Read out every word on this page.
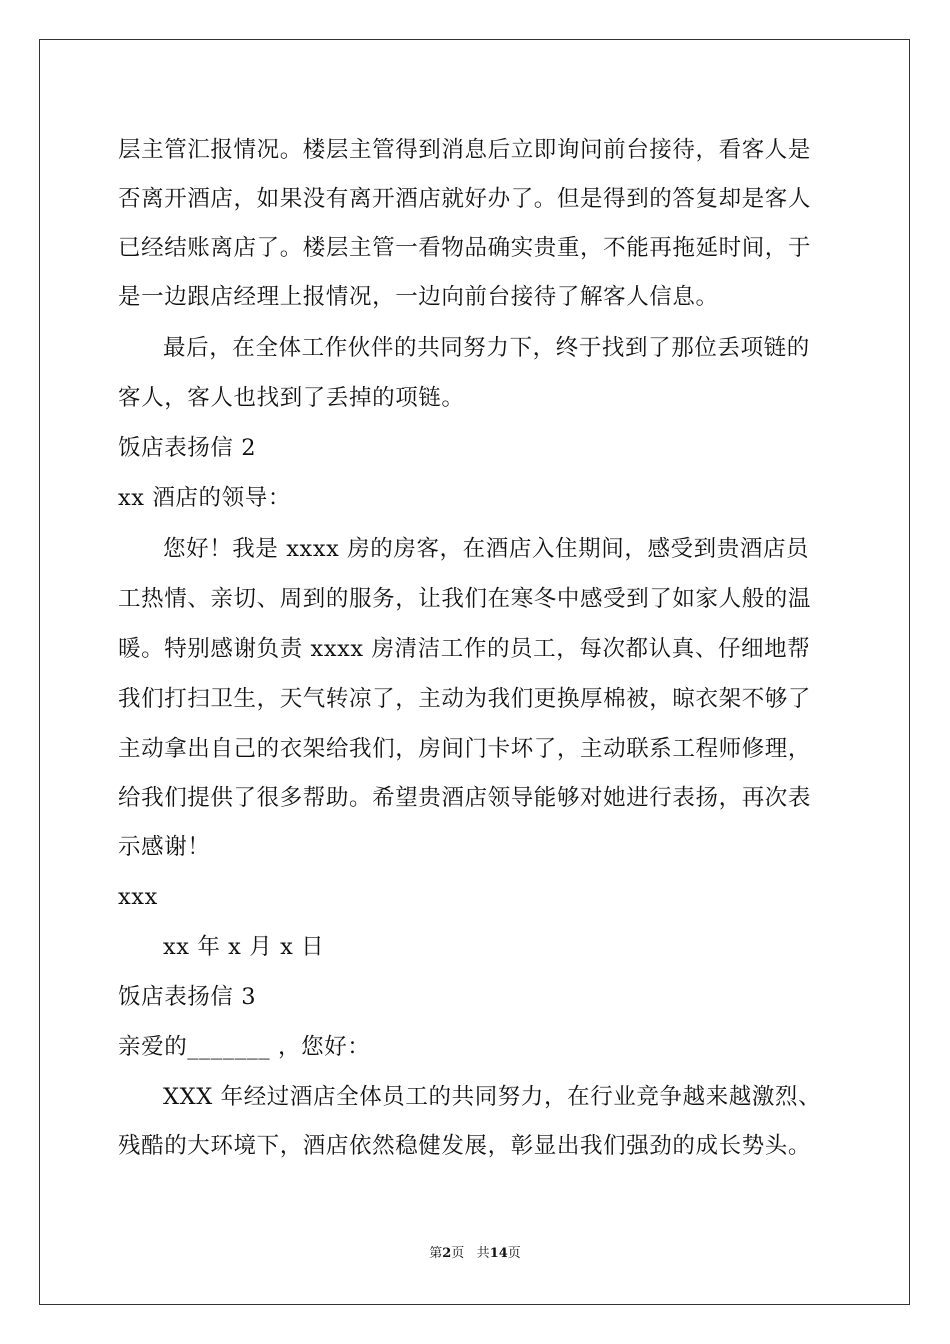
层主管汇报情况。楼层主管得到消息后立即询问前台接待，看客人是
否离开酒店，如果没有离开酒店就好办了。但是得到的答复却是客人
已经结账离店了。楼层主管一看物品确实贵重，不能再拖延时间，于
是一边跟店经理上报情况，一边向前台接待了解客人信息。
最后，在全体工作伙伴的共同努力下，终于找到了那位丢项链的
客人，客人也找到了丢掉的项链。
饭店表扬信 2
xx 酒店的领导：
您好！我是 xxxx 房的房客，在酒店入住期间，感受到贵酒店员
工热情、亲切、周到的服务，让我们在寒冬中感受到了如家人般的温
暖。特别感谢负责 xxxx 房清洁工作的员工，每次都认真、仔细地帮
我们打扫卫生，天气转凉了，主动为我们更换厚棉被，晾衣架不够了
主动拿出自己的衣架给我们，房间门卡坏了，主动联系工程师修理，
给我们提供了很多帮助。希望贵酒店领导能够对她进行表扬，再次表
示感谢！
xxx
xx 年 x 月 x 日
饭店表扬信 3
亲爱的_______ ，您好：
XXX 年经过酒店全体员工的共同努力，在行业竞争越来越激烈、
残酷的大环境下，酒店依然稳健发展，彰显出我们强劲的成长势头。
第2页 共14页
